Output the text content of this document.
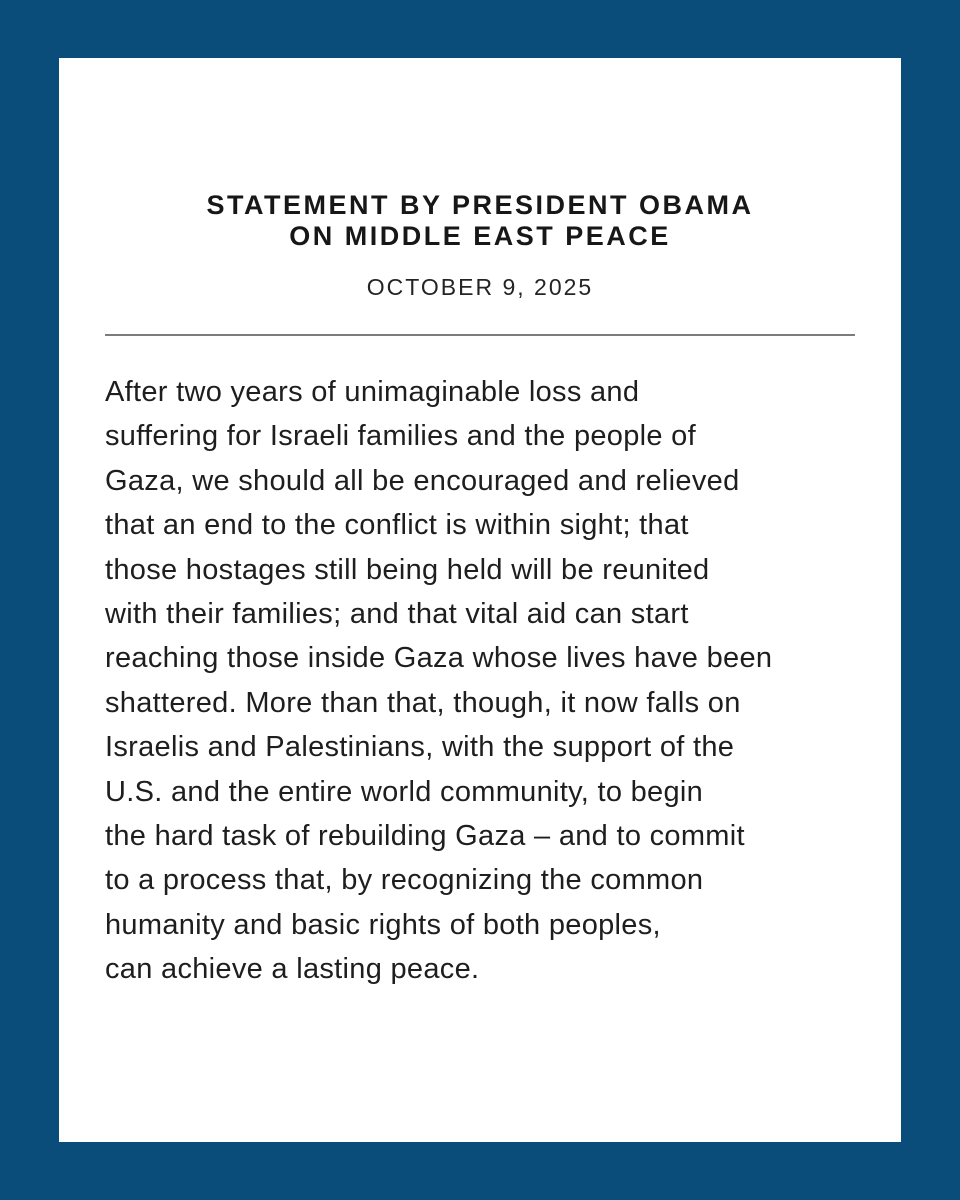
STATEMENT BY PRESIDENT OBAMA
ON MIDDLE EAST PEACE
OCTOBER 9, 2025
After two years of unimaginable loss and
suffering for Israeli families and the people of
Gaza, we should all be encouraged and relieved
that an end to the conflict is within sight; that
those hostages still being held will be reunited
with their families; and that vital aid can start
reaching those inside Gaza whose lives have been
shattered. More than that, though, it now falls on
Israelis and Palestinians, with the support of the
U.S. and the entire world community, to begin
the hard task of rebuilding Gaza – and to commit
to a process that, by recognizing the common
humanity and basic rights of both peoples,
can achieve a lasting peace.
